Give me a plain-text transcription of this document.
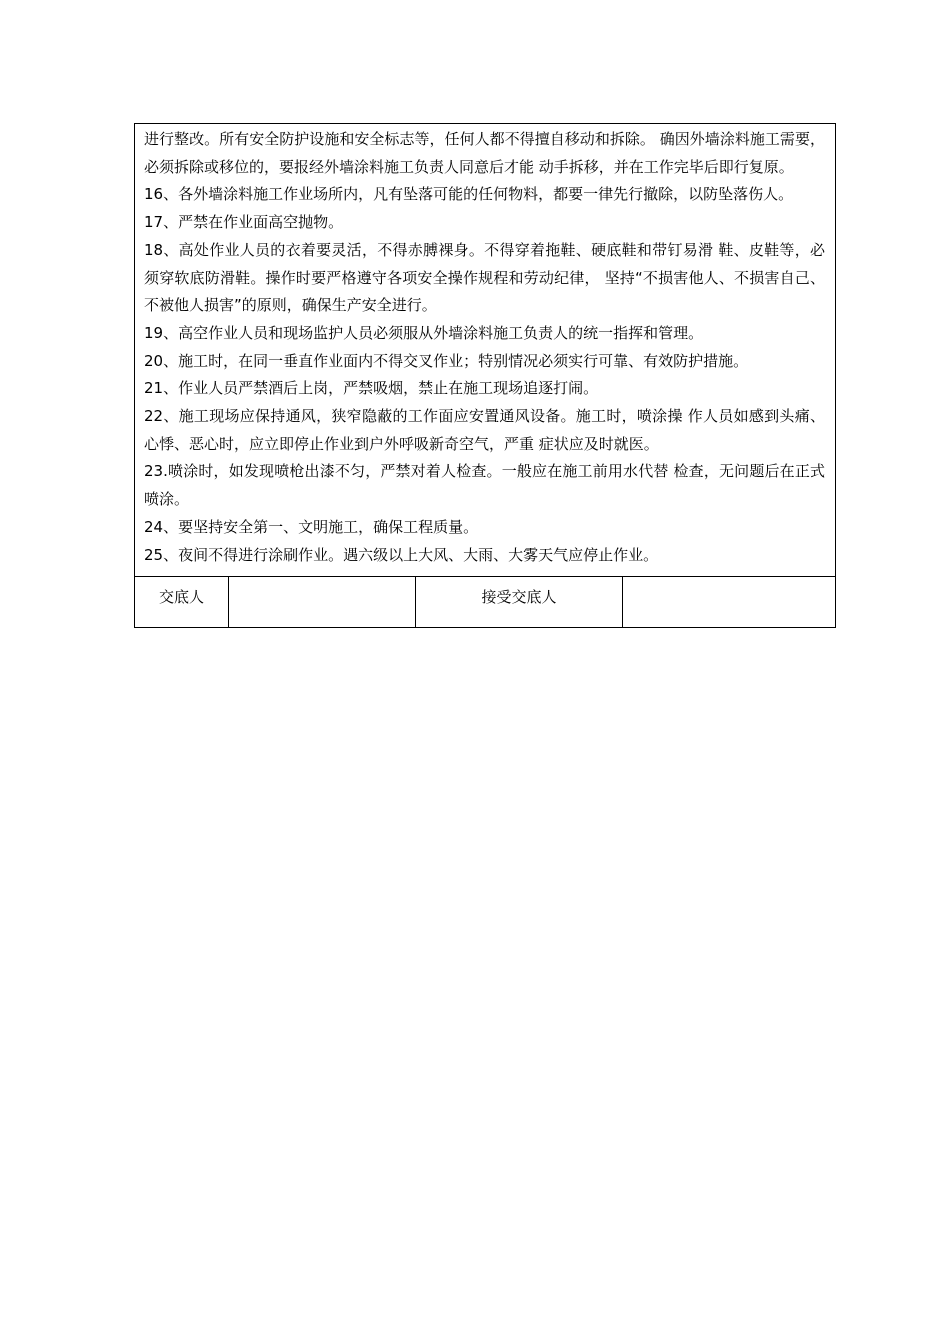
进行整改。所有安全防护设施和安全标志等，任何人都不得擅自移动和拆除。 确因外墙涂料施工需要，必须拆除或移位的，要报经外墙涂料施工负责人同意后才能 动手拆移，并在工作完毕后即行复原。

16、各外墙涂料施工作业场所内，凡有坠落可能的任何物料，都要一律先行撤除，以防坠落伤人。

17、严禁在作业面高空抛物。

18、高处作业人员的衣着要灵活，不得赤膊裸身。不得穿着拖鞋、硬底鞋和带钉易滑 鞋、皮鞋等，必须穿软底防滑鞋。操作时要严格遵守各项安全操作规程和劳动纪律， 坚持“不损害他人、不损害自己、不被他人损害”的原则，确保生产安全进行。

19、高空作业人员和现场监护人员必须服从外墙涂料施工负责人的统一指挥和管理。

20、施工时，在同一垂直作业面内不得交叉作业；特别情况必须实行可靠、有效防护措施。

21、作业人员严禁酒后上岗，严禁吸烟，禁止在施工现场追逐打闹。

22、施工现场应保持通风，狭窄隐蔽的工作面应安置通风设备。施工时，喷涂操 作人员如感到头痛、心悸、恶心时，应立即停止作业到户外呼吸新奇空气，严重 症状应及时就医。

23.喷涂时，如发现喷枪出漆不匀，严禁对着人检查。一般应在施工前用水代替 检查，无问题后在正式喷涂。

24、要坚持安全第一、文明施工，确保工程质量。

25、夜间不得进行涂刷作业。遇六级以上大风、大雨、大雾天气应停止作业。

交底人	接受交底人
